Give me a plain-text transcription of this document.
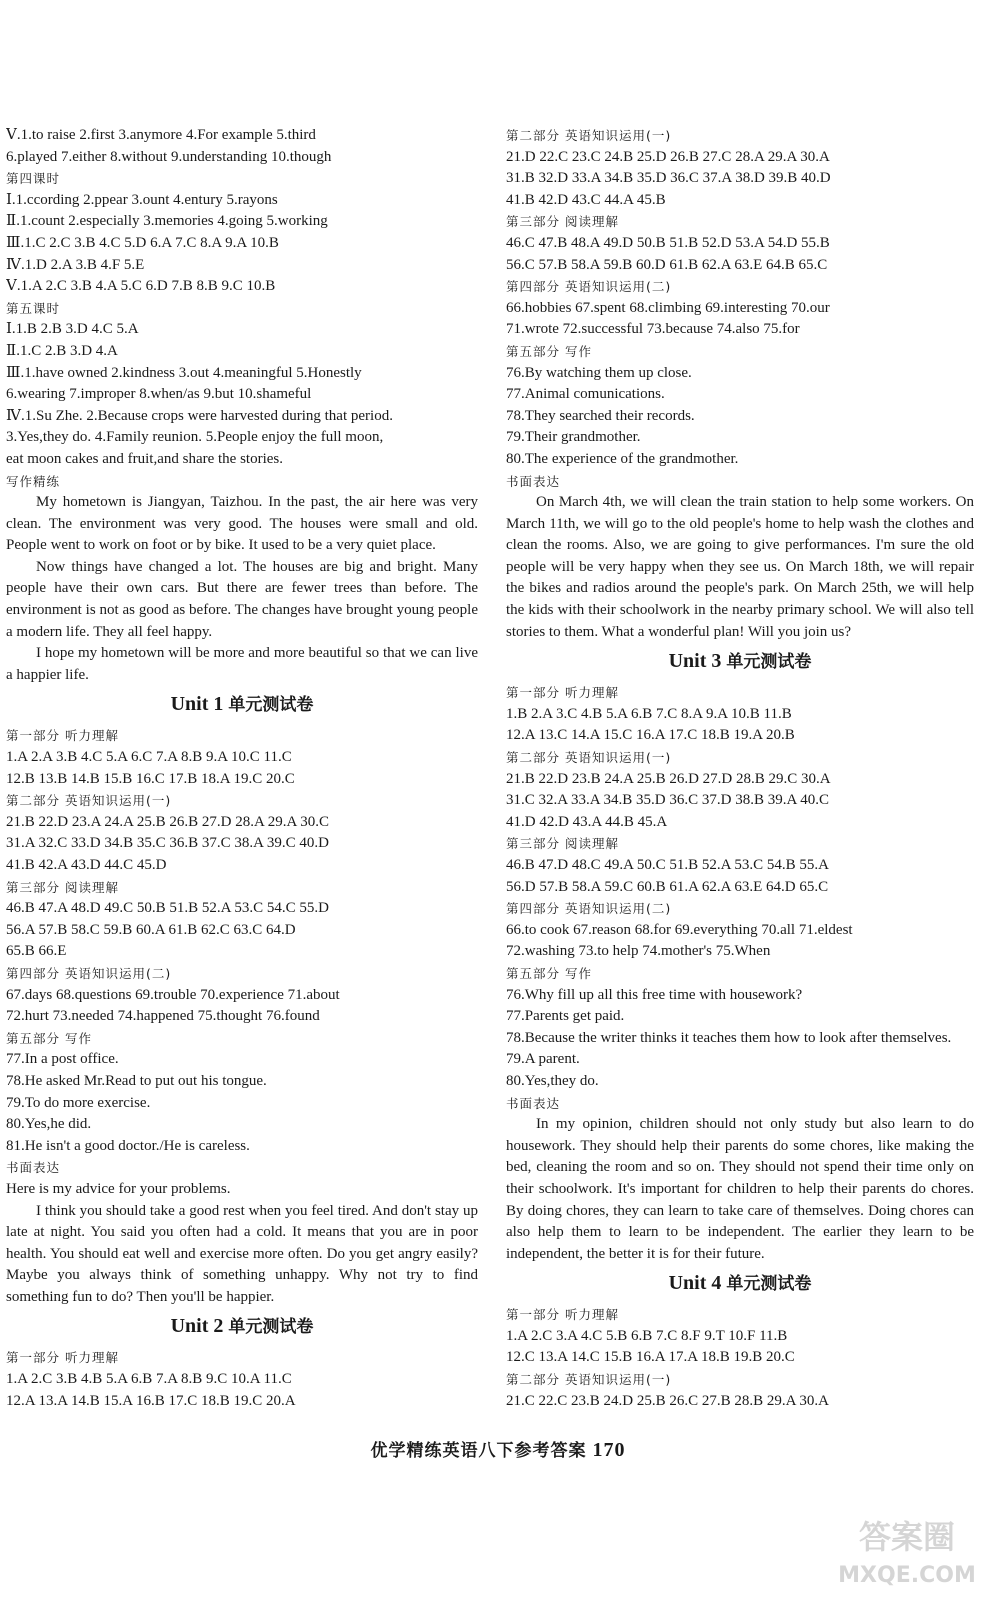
Ⅴ.1.to raise 2.first 3.anymore 4.For example 5.third
6.played 7.either 8.without 9.understanding 10.though
第四课时
Ⅰ.1.ccording 2.ppear 3.ount 4.entury 5.rayons
Ⅱ.1.count 2.especially 3.memories 4.going 5.working
Ⅲ.1.C 2.C 3.B 4.C 5.D 6.A 7.C 8.A 9.A 10.B
Ⅳ.1.D 2.A 3.B 4.F 5.E
Ⅴ.1.A 2.C 3.B 4.A 5.C 6.D 7.B 8.B 9.C 10.B
第五课时
Ⅰ.1.B 2.B 3.D 4.C 5.A
Ⅱ.1.C 2.B 3.D 4.A
Ⅲ.1.have owned 2.kindness 3.out 4.meaningful 5.Honestly
6.wearing 7.improper 8.when/as 9.but 10.shameful
Ⅳ.1.Su Zhe. 2.Because crops were harvested during that period.
3.Yes,they do. 4.Family reunion. 5.People enjoy the full moon,
eat moon cakes and fruit,and share the stories.
写作精练
My hometown is Jiangyan, Taizhou. In the past, the air here was very clean. The environment was very good. The houses were small and old. People went to work on foot or by bike. It used to be a very quiet place.
Now things have changed a lot. The houses are big and bright. Many people have their own cars. But there are fewer trees than before. The environment is not as good as before. The changes have brought young people a modern life. They all feel happy.
I hope my hometown will be more and more beautiful so that we can live a happier life.
Unit 1 单元测试卷
第一部分 听力理解
1.A 2.A 3.B 4.C 5.A 6.C 7.A 8.B 9.A 10.C 11.C
12.B 13.B 14.B 15.B 16.C 17.B 18.A 19.C 20.C
第二部分 英语知识运用(一)
21.B 22.D 23.A 24.A 25.B 26.B 27.D 28.A 29.A 30.C
31.A 32.C 33.D 34.B 35.C 36.B 37.C 38.A 39.C 40.D
41.B 42.A 43.D 44.C 45.D
第三部分 阅读理解
46.B 47.A 48.D 49.C 50.B 51.B 52.A 53.C 54.C 55.D
56.A 57.B 58.C 59.B 60.A 61.B 62.C 63.C 64.D
65.B 66.E
第四部分 英语知识运用(二)
67.days 68.questions 69.trouble 70.experience 71.about
72.hurt 73.needed 74.happened 75.thought 76.found
第五部分 写作
77.In a post office.
78.He asked Mr.Read to put out his tongue.
79.To do more exercise.
80.Yes,he did.
81.He isn't a good doctor./He is careless.
书面表达
Here is my advice for your problems.
I think you should take a good rest when you feel tired. And don't stay up late at night. You said you often had a cold. It means that you are in poor health. You should eat well and exercise more often. Do you get angry easily? Maybe you always think of something unhappy. Why not try to find something fun to do? Then you'll be happier.
Unit 2 单元测试卷
第一部分 听力理解
1.A 2.C 3.B 4.B 5.A 6.B 7.A 8.B 9.C 10.A 11.C
12.A 13.A 14.B 15.A 16.B 17.C 18.B 19.C 20.A
第二部分 英语知识运用(一)
21.D 22.C 23.C 24.B 25.D 26.B 27.C 28.A 29.A 30.A
31.B 32.D 33.A 34.B 35.D 36.C 37.A 38.D 39.B 40.D
41.B 42.D 43.C 44.A 45.B
第三部分 阅读理解
46.C 47.B 48.A 49.D 50.B 51.B 52.D 53.A 54.D 55.B
56.C 57.B 58.A 59.B 60.D 61.B 62.A 63.E 64.B 65.C
第四部分 英语知识运用(二)
66.hobbies 67.spent 68.climbing 69.interesting 70.our
71.wrote 72.successful 73.because 74.also 75.for
第五部分 写作
76.By watching them up close.
77.Animal comunications.
78.They searched their records.
79.Their grandmother.
80.The experience of the grandmother.
书面表达
On March 4th, we will clean the train station to help some workers. On March 11th, we will go to the old people's home to help wash the clothes and clean the rooms. Also, we are going to give performances. I'm sure the old people will be very happy when they see us. On March 18th, we will repair the bikes and radios around the people's park. On March 25th, we will help the kids with their schoolwork in the nearby primary school. We will also tell stories to them. What a wonderful plan! Will you join us?
Unit 3 单元测试卷
第一部分 听力理解
1.B 2.A 3.C 4.B 5.A 6.B 7.C 8.A 9.A 10.B 11.B
12.A 13.C 14.A 15.C 16.A 17.C 18.B 19.A 20.B
第二部分 英语知识运用(一)
21.B 22.D 23.B 24.A 25.B 26.D 27.D 28.B 29.C 30.A
31.C 32.A 33.A 34.B 35.D 36.C 37.D 38.B 39.A 40.C
41.D 42.D 43.A 44.B 45.A
第三部分 阅读理解
46.B 47.D 48.C 49.A 50.C 51.B 52.A 53.C 54.B 55.A
56.D 57.B 58.A 59.C 60.B 61.A 62.A 63.E 64.D 65.C
第四部分 英语知识运用(二)
66.to cook 67.reason 68.for 69.everything 70.all 71.eldest
72.washing 73.to help 74.mother's 75.When
第五部分 写作
76.Why fill up all this free time with housework?
77.Parents get paid.
78.Because the writer thinks it teaches them how to look after themselves.
79.A parent.
80.Yes,they do.
书面表达
In my opinion, children should not only study but also learn to do housework. They should help their parents do some chores, like making the bed, cleaning the room and so on. They should not spend their time only on their schoolwork. It's important for children to help their parents do chores. By doing chores, they can learn to take care of themselves. Doing chores can also help them to learn to be independent. The earlier they learn to be independent, the better it is for their future.
Unit 4 单元测试卷
第一部分 听力理解
1.A 2.C 3.A 4.C 5.B 6.B 7.C 8.F 9.T 10.F 11.B
12.C 13.A 14.C 15.B 16.A 17.A 18.B 19.B 20.C
第二部分 英语知识运用(一)
21.C 22.C 23.B 24.D 25.B 26.C 27.B 28.B 29.A 30.A
优学精练英语八下参考答案 170
答案圈
MXQE.COM
